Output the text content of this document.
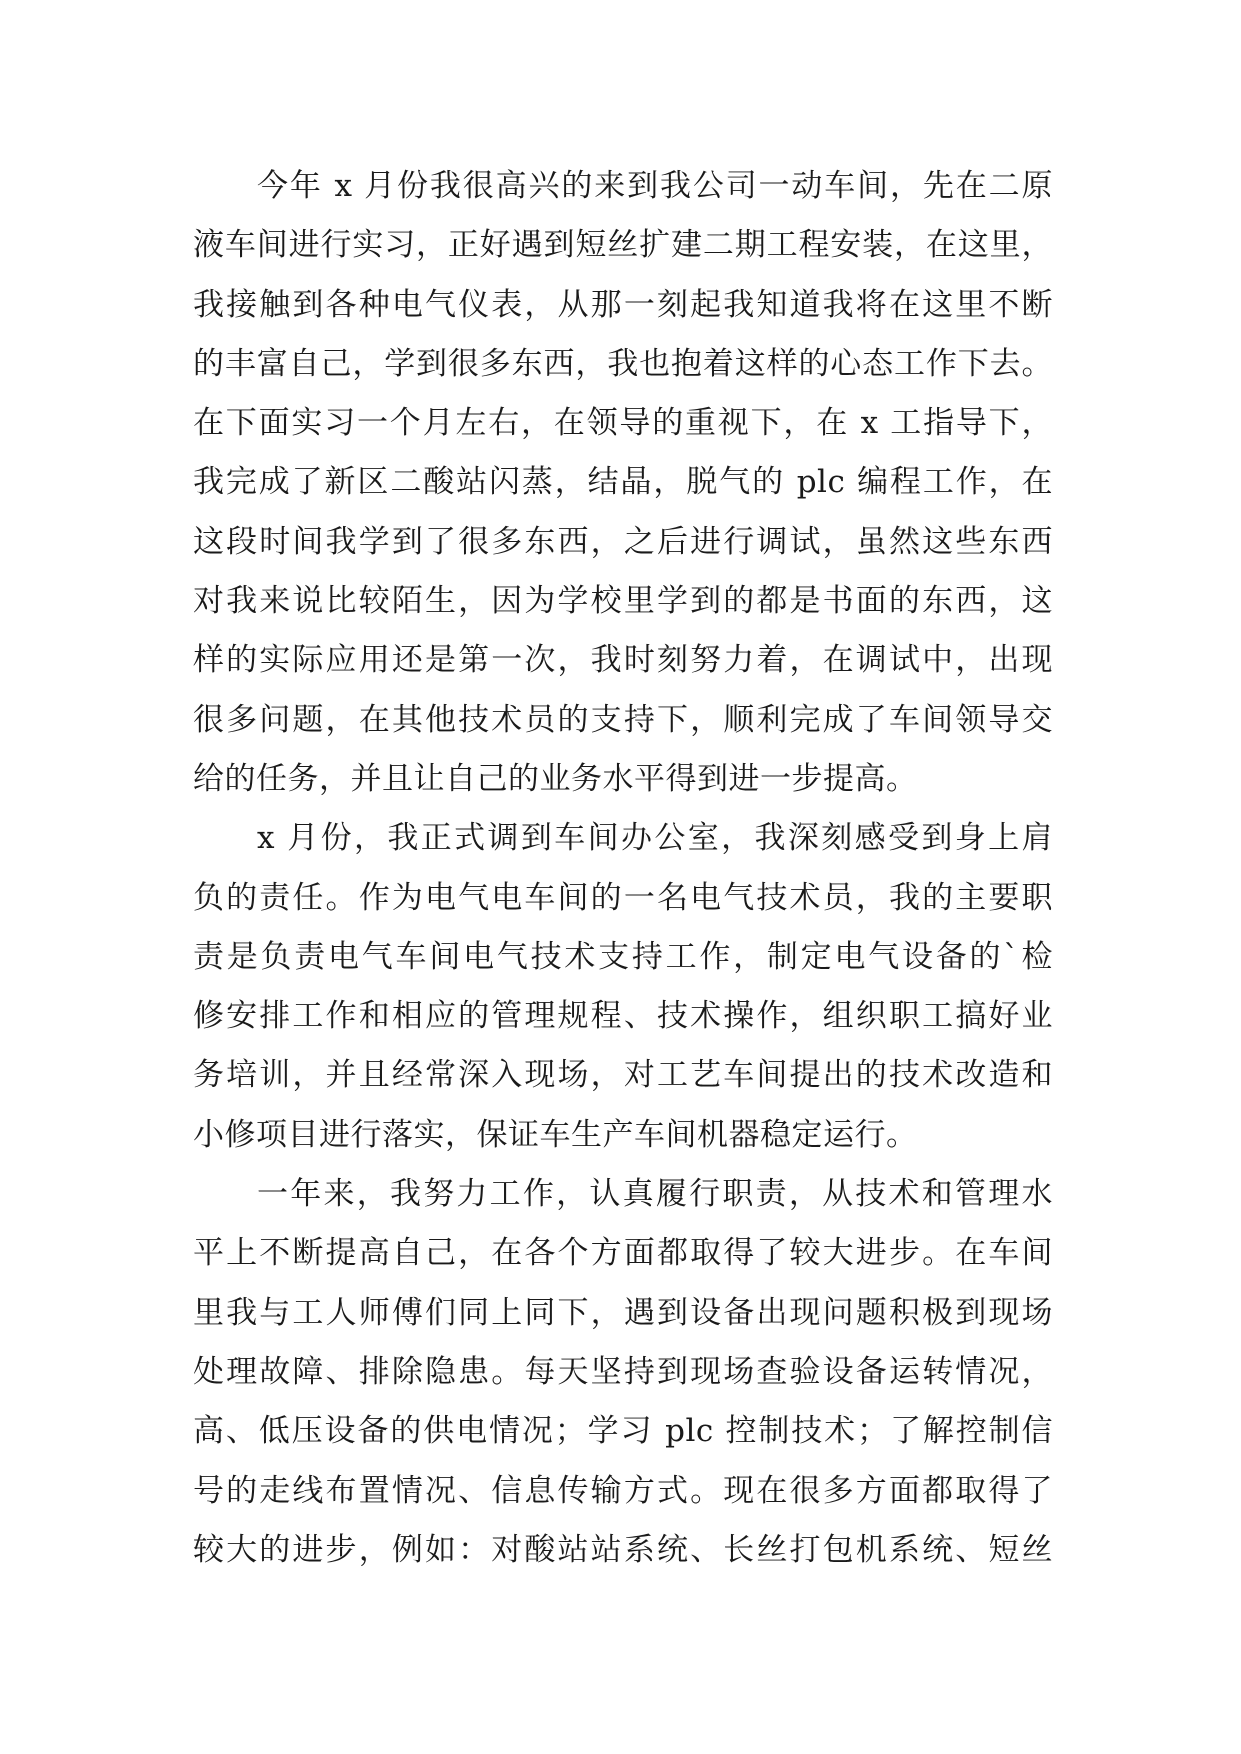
今年 x 月份我很高兴的来到我公司一动车间，先在二原
液车间进行实习，正好遇到短丝扩建二期工程安装，在这里，
我接触到各种电气仪表，从那一刻起我知道我将在这里不断
的丰富自己，学到很多东西，我也抱着这样的心态工作下去。
在下面实习一个月左右，在领导的重视下，在 x 工指导下，
我完成了新区二酸站闪蒸，结晶，脱气的 plc 编程工作，在
这段时间我学到了很多东西，之后进行调试，虽然这些东西
对我来说比较陌生，因为学校里学到的都是书面的东西，这
样的实际应用还是第一次，我时刻努力着，在调试中，出现
很多问题，在其他技术员的支持下，顺利完成了车间领导交
给的任务，并且让自己的业务水平得到进一步提高。
x 月份，我正式调到车间办公室，我深刻感受到身上肩
负的责任。作为电气电车间的一名电气技术员，我的主要职
责是负责电气车间电气技术支持工作，制定电气设备的`检
修安排工作和相应的管理规程、技术操作，组织职工搞好业
务培训，并且经常深入现场，对工艺车间提出的技术改造和
小修项目进行落实，保证车生产车间机器稳定运行。
一年来，我努力工作，认真履行职责，从技术和管理水
平上不断提高自己，在各个方面都取得了较大进步。在车间
里我与工人师傅们同上同下，遇到设备出现问题积极到现场
处理故障、排除隐患。每天坚持到现场查验设备运转情况，
高、低压设备的供电情况；学习 plc 控制技术；了解控制信
号的走线布置情况、信息传输方式。现在很多方面都取得了
较大的进步，例如：对酸站站系统、长丝打包机系统、短丝
